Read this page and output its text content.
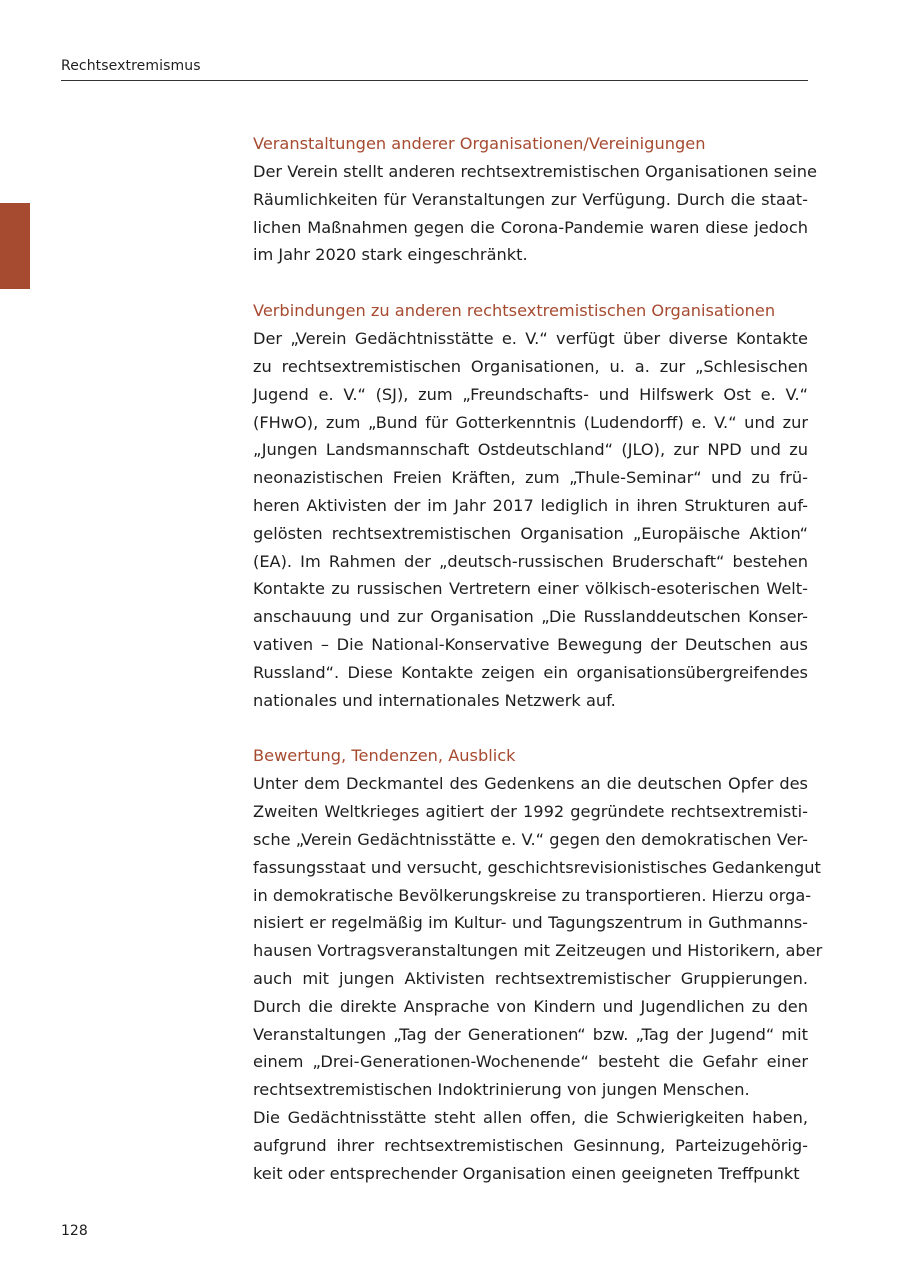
Rechtsextremismus
Veranstaltungen anderer Organisationen/Vereinigungen

Der Verein stellt anderen rechtsextremistischen Organisationen seine
Räumlichkeiten für Veranstaltungen zur Verfügung. Durch die staat-
lichen Maßnahmen gegen die Corona-Pandemie waren diese jedoch
im Jahr 2020 stark eingeschränkt.

Verbindungen zu anderen rechtsextremistischen Organisationen

Der „Verein Gedächtnisstätte e. V.“ verfügt über diverse Kontakte
zu rechtsextremistischen Organisationen, u. a. zur „Schlesischen
Jugend e. V.“ (SJ), zum „Freundschafts- und Hilfswerk Ost e. V.“
(FHwO), zum „Bund für Gotterkenntnis (Ludendorff) e. V.“ und zur
„Jungen Landsmannschaft Ostdeutschland“ (JLO), zur NPD und zu
neonazistischen Freien Kräften, zum „Thule-Seminar“ und zu frü-
heren Aktivisten der im Jahr 2017 lediglich in ihren Strukturen auf-
gelösten rechtsextremistischen Organisation „Europäische Aktion“
(EA). Im Rahmen der „deutsch-russischen Bruderschaft“ bestehen
Kontakte zu russischen Vertretern einer völkisch-esoterischen Welt-
anschauung und zur Organisation „Die Russlanddeutschen Konser-
vativen – Die National-Konservative Bewegung der Deutschen aus
Russland“. Diese Kontakte zeigen ein organisationsübergreifendes
nationales und internationales Netzwerk auf.

Bewertung, Tendenzen, Ausblick

Unter dem Deckmantel des Gedenkens an die deutschen Opfer des
Zweiten Weltkrieges agitiert der 1992 gegründete rechtsextremisti-
sche „Verein Gedächtnisstätte e. V.“ gegen den demokratischen Ver-
fassungsstaat und versucht, geschichtsrevisionistisches Gedankengut
in demokratische Bevölkerungskreise zu transportieren. Hierzu orga-
nisiert er regelmäßig im Kultur- und Tagungszentrum in Guthmanns-
hausen Vortragsveranstaltungen mit Zeitzeugen und Historikern, aber
auch mit jungen Aktivisten rechtsextremistischer Gruppierungen.
Durch die direkte Ansprache von Kindern und Jugendlichen zu den
Veranstaltungen „Tag der Generationen“ bzw. „Tag der Jugend“ mit
einem „Drei-Generationen-Wochenende“ besteht die Gefahr einer
rechtsextremistischen Indoktrinierung von jungen Menschen.

Die Gedächtnisstätte steht allen offen, die Schwierigkeiten haben,
aufgrund ihrer rechtsextremistischen Gesinnung, Parteizugehörig-
keit oder entsprechender Organisation einen geeigneten Treffpunkt

128
